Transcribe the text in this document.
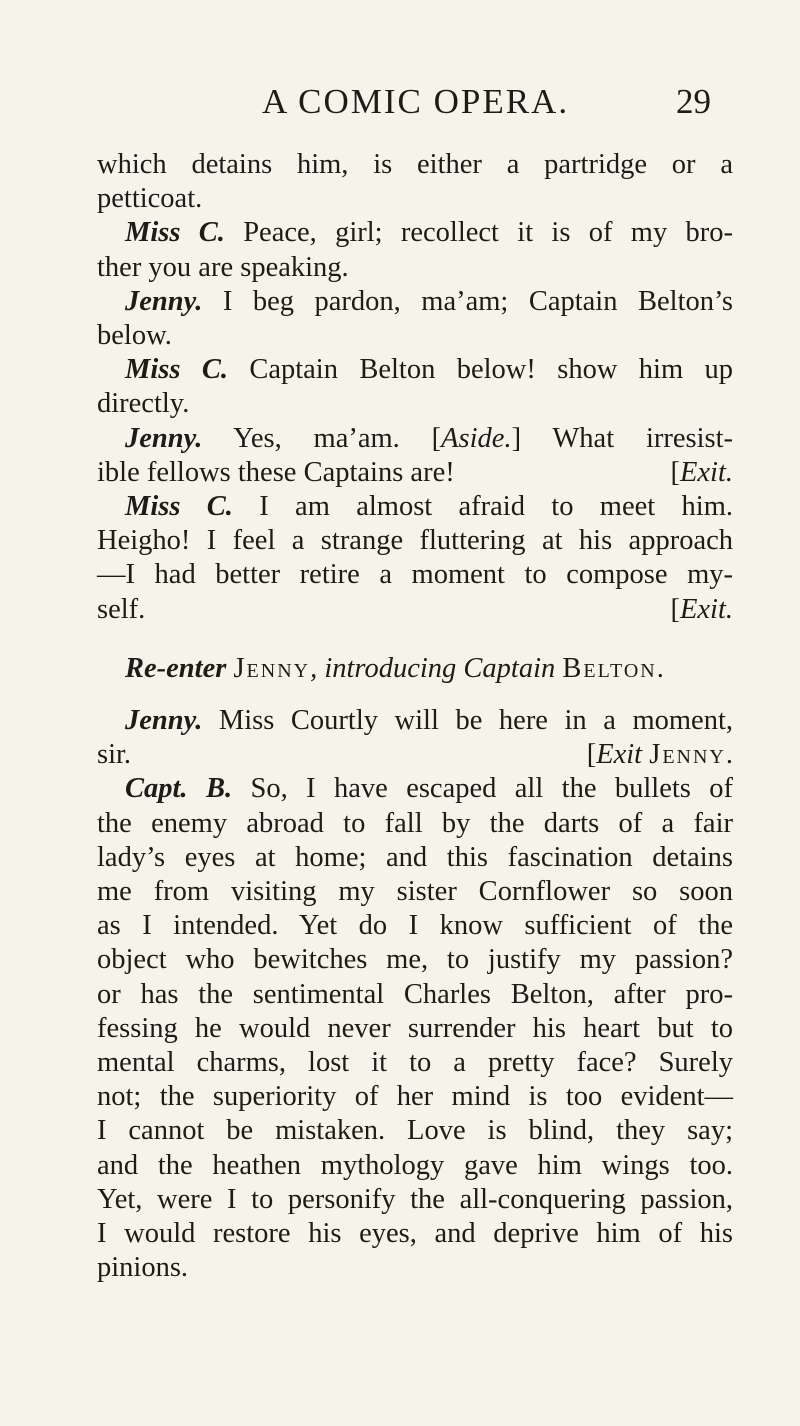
A COMIC OPERA.	29
which detains him, is either a partridge or a
petticoat.
Miss C. Peace, girl; recollect it is of my bro-
ther you are speaking.
Jenny. I beg pardon, ma’am; Captain Belton’s
below.
Miss C. Captain Belton below! show him up
directly.
Jenny. Yes, ma’am. [Aside.] What irresist-
ible fellows these Captains are!	[Exit.
Miss C. I am almost afraid to meet him.
Heigho! I feel a strange fluttering at his approach
—I had better retire a moment to compose my-
self.	[Exit.
Re-enter Jenny, introducing Captain Belton.
Jenny. Miss Courtly will be here in a moment,
sir.	[Exit Jenny.
Capt. B. So, I have escaped all the bullets of
the enemy abroad to fall by the darts of a fair
lady’s eyes at home; and this fascination detains
me from visiting my sister Cornflower so soon
as I intended. Yet do I know sufficient of the
object who bewitches me, to justify my passion?
or has the sentimental Charles Belton, after pro-
fessing he would never surrender his heart but to
mental charms, lost it to a pretty face? Surely
not; the superiority of her mind is too evident—
I cannot be mistaken. Love is blind, they say;
and the heathen mythology gave him wings too.
Yet, were I to personify the all-conquering passion,
I would restore his eyes, and deprive him of his
pinions.
